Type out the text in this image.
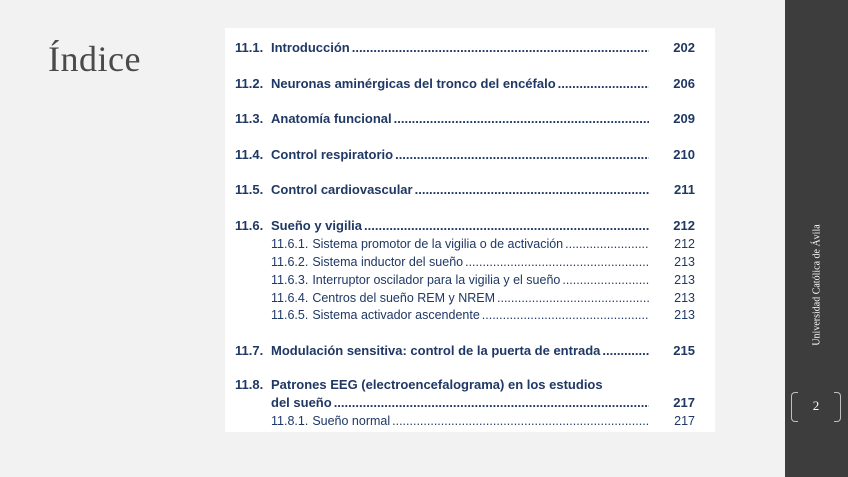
Índice	11.1. Introducción .....	202
11.2. Neuronas aminérgicas del tronco del encéfalo .....	206
11.3. Anatomía funcional .....	209
11.4. Control respiratorio .....	210
11.5. Control cardiovascular .....	211
11.6. Sueño y vigilia .....	212
11.6.1. Sistema promotor de la vigilia o de activación .....	212
11.6.2. Sistema inductor del sueño .....	213
11.6.3. Interruptor oscilador para la vigilia y el sueño .....	213
11.6.4. Centros del sueño REM y NREM .....	213
11.6.5. Sistema activador ascendente .....	213
11.7. Modulación sensitiva: control de la puerta de entrada .....	215
11.8. Patrones EEG (electroencefalograma) en los estudios
del sueño .....	217
11.8.1. Sueño normal .....	217
Universidad Católica de Ávila
2
